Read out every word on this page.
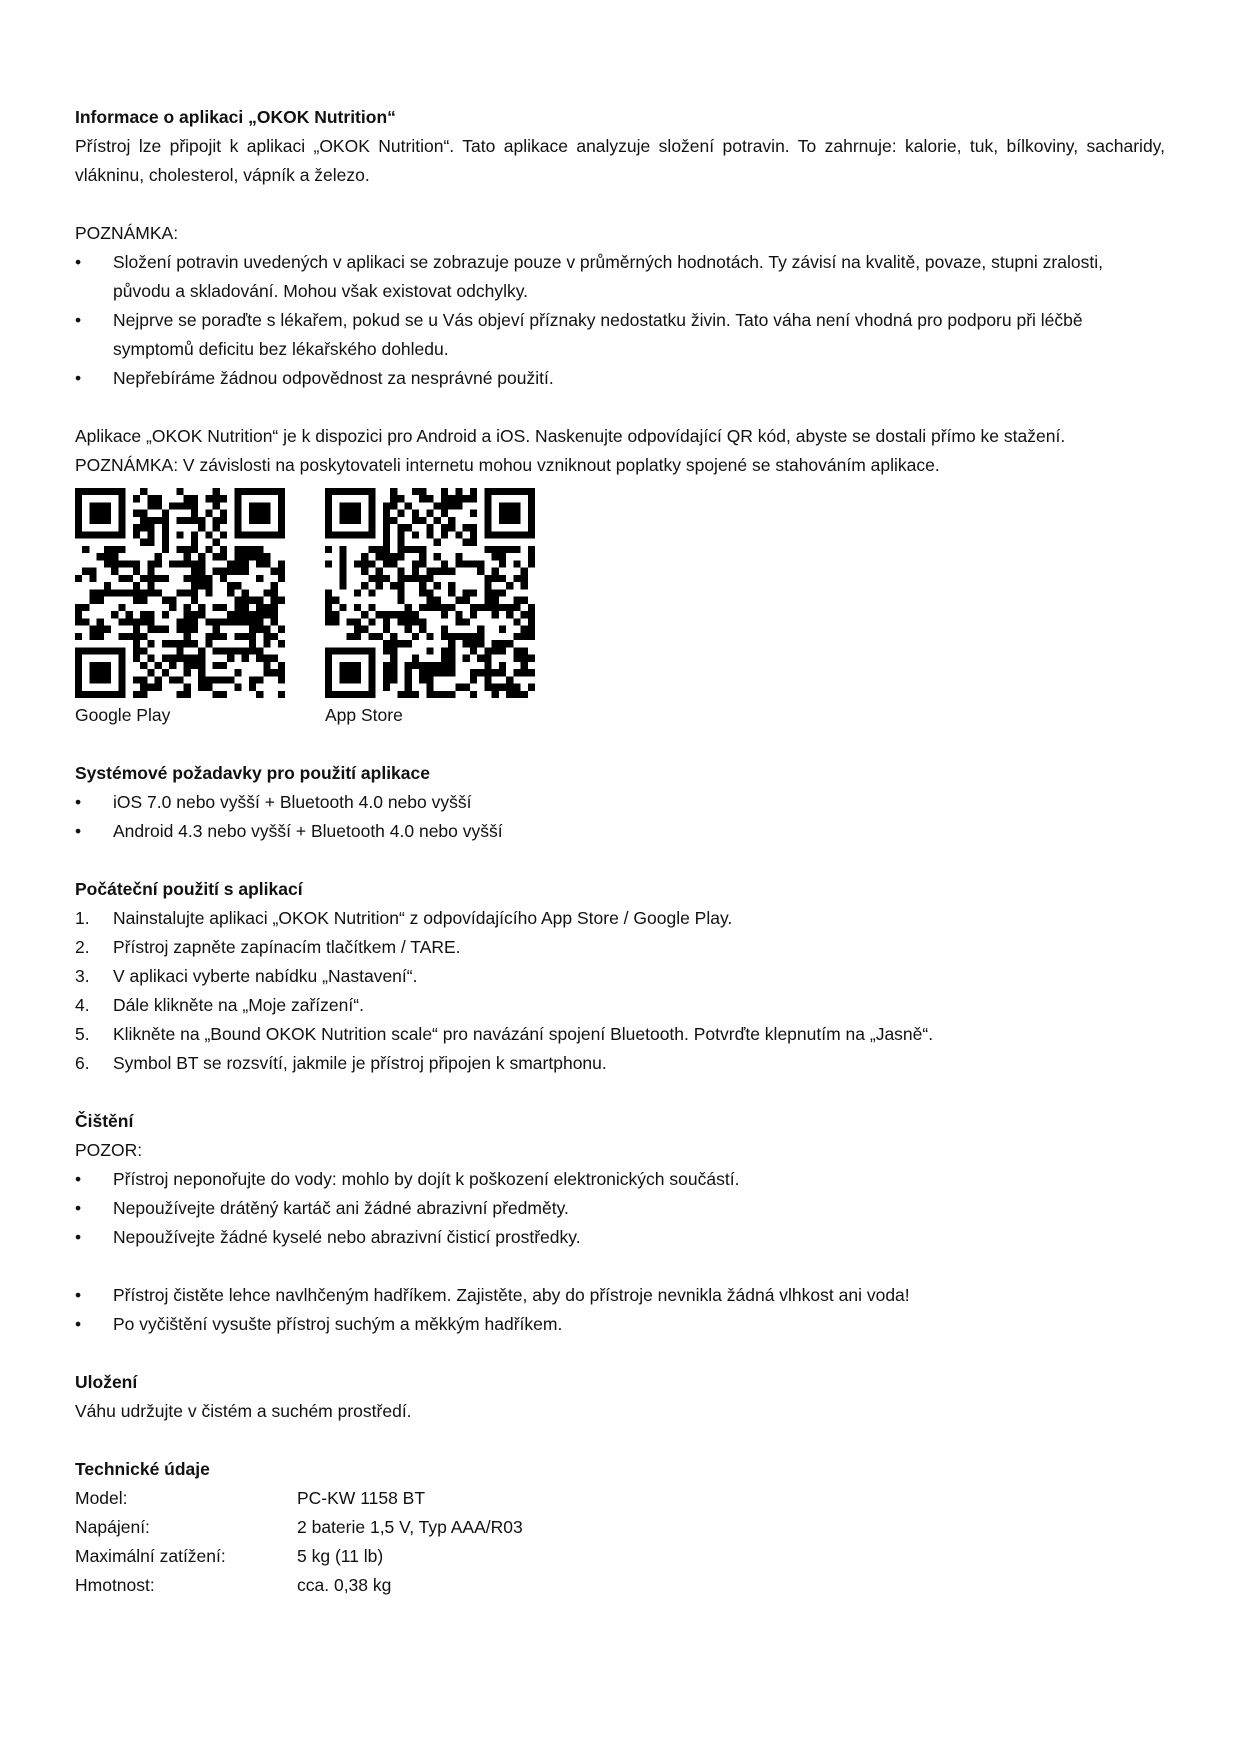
Informace o aplikaci „OKOK Nutrition“

Přístroj lze připojit k aplikaci „OKOK Nutrition“. Tato aplikace analyzuje složení potravin. To zahrnuje: kalorie, tuk, bílkoviny, sacharidy, vlákninu, cholesterol, vápník a železo.

POZNÁMKA:

• Složení potravin uvedených v aplikaci se zobrazuje pouze v průměrných hodnotách. Ty závisí na kvalitě, povaze, stupni zralosti, původu a skladování. Mohou však existovat odchylky.
• Nejprve se poraďte s lékařem, pokud se u Vás objeví příznaky nedostatku živin. Tato váha není vhodná pro podporu při léčbě symptomů deficitu bez lékařského dohledu.
• Nepřebíráme žádnou odpovědnost za nesprávné použití.

Aplikace „OKOK Nutrition“ je k dispozici pro Android a iOS. Naskenujte odpovídající QR kód, abyste se dostali přímo ke stažení.

POZNÁMKA: V závislosti na poskytovateli internetu mohou vzniknout poplatky spojené se stahováním aplikace.

Google Play	App Store

Systémové požadavky pro použití aplikace

• iOS 7.0 nebo vyšší + Bluetooth 4.0 nebo vyšší
• Android 4.3 nebo vyšší + Bluetooth 4.0 nebo vyšší

Počáteční použití s aplikací

1. Nainstalujte aplikaci „OKOK Nutrition“ z odpovídajícího App Store / Google Play.
2. Přístroj zapněte zapínacím tlačítkem / TARE.
3. V aplikaci vyberte nabídku „Nastavení“.
4. Dále klikněte na „Moje zařízení“.
5. Klikněte na „Bound OKOK Nutrition scale“ pro navázání spojení Bluetooth. Potvrďte klepnutím na „Jasně“.
6. Symbol BT se rozsvítí, jakmile je přístroj připojen k smartphonu.

Čištění

POZOR:

• Přístroj neponořujte do vody: mohlo by dojít k poškození elektronických součástí.
• Nepoužívejte drátěný kartáč ani žádné abrazivní předměty.
• Nepoužívejte žádné kyselé nebo abrazivní čisticí prostředky.
• Přístroj čistěte lehce navlhčeným hadříkem. Zajistěte, aby do přístroje nevnikla žádná vlhkost ani voda!
• Po vyčištění vysušte přístroj suchým a měkkým hadříkem.

Uložení

Váhu udržujte v čistém a suchém prostředí.

Technické údaje

Model:	PC-KW 1158 BT
Napájení:	2 baterie 1,5 V, Typ AAA/R03
Maximální zatížení:	5 kg (11 lb)
Hmotnost:	cca. 0,38 kg
